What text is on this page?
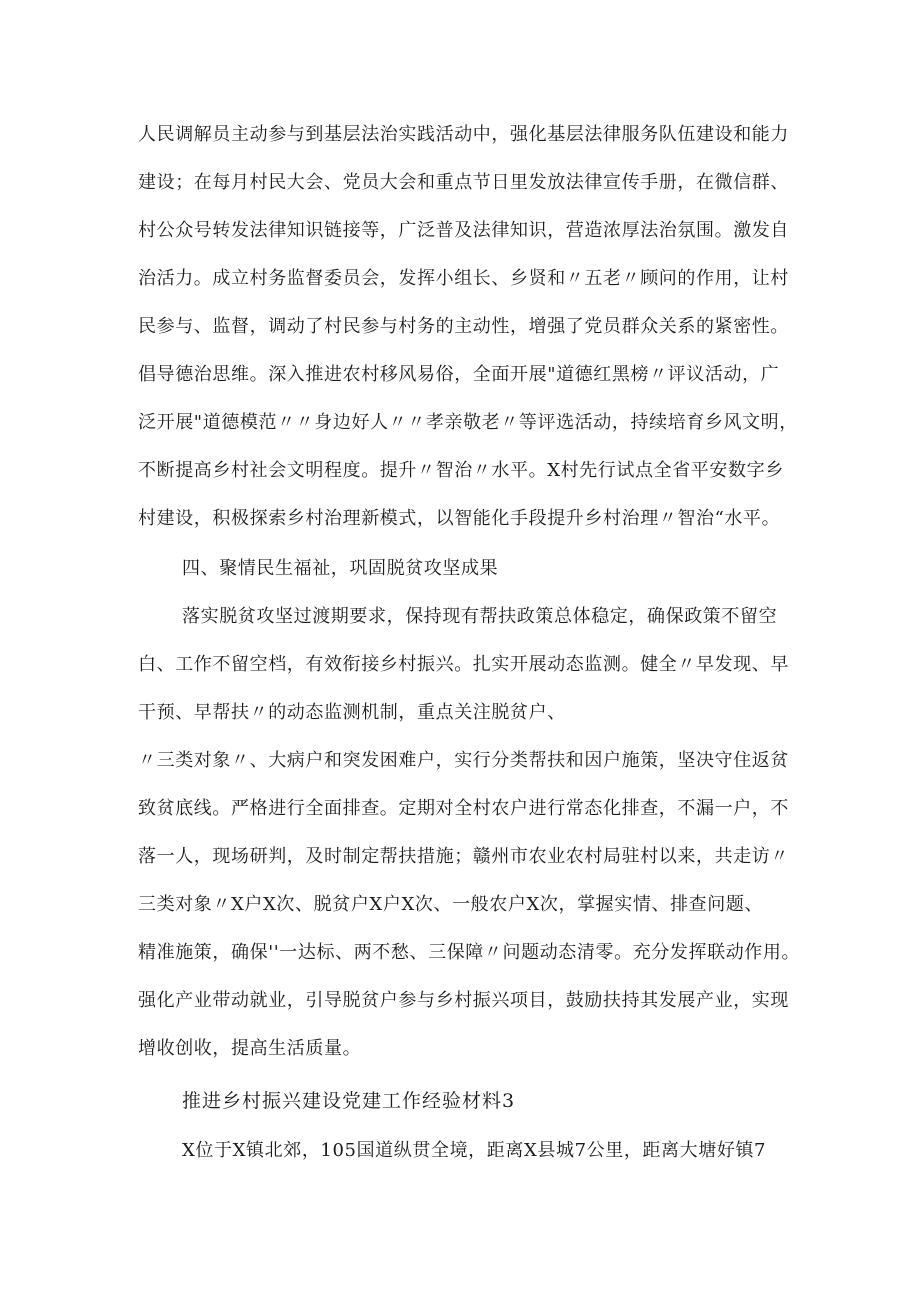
人民调解员主动参与到基层法治实践活动中，强化基层法律服务队伍建设和能力
建设；在每月村民大会、党员大会和重点节日里发放法律宣传手册，在微信群、
村公众号转发法律知识链接等，广泛普及法律知识，营造浓厚法治氛围。激发自
治活力。成立村务监督委员会，发挥小组长、乡贤和〃五老〃顾问的作用，让村
民参与、监督，调动了村民参与村务的主动性，增强了党员群众关系的紧密性。
倡导德治思维。深入推进农村移风易俗，全面开展"道德红黑榜〃评议活动，广
泛开展"道德模范〃〃身边好人〃〃孝亲敬老〃等评选活动，持续培育乡风文明，
不断提高乡村社会文明程度。提升〃智治〃水平。X村先行试点全省平安数字乡
村建设，积极探索乡村治理新模式，以智能化手段提升乡村治理〃智治“水平。
四、聚情民生福祉，巩固脱贫攻坚成果
落实脱贫攻坚过渡期要求，保持现有帮扶政策总体稳定，确保政策不留空
白、工作不留空档，有效衔接乡村振兴。扎实开展动态监测。健全〃早发现、早
干预、早帮扶〃的动态监测机制，重点关注脱贫户、
〃三类对象〃、大病户和突发困难户，实行分类帮扶和因户施策，坚决守住返贫
致贫底线。严格进行全面排查。定期对全村农户进行常态化排查，不漏一户，不
落一人，现场研判，及时制定帮扶措施；赣州市农业农村局驻村以来，共走访〃
三类对象〃X户X次、脱贫户X户X次、一般农户X次，掌握实情、排查问题、
精准施策，确保''一达标、两不愁、三保障〃问题动态清零。充分发挥联动作用。
强化产业带动就业，引导脱贫户参与乡村振兴项目，鼓励扶持其发展产业，实现
增收创收，提高生活质量。
推进乡村振兴建设党建工作经验材料3
X位于X镇北郊，105国道纵贯全境，距离X县城7公里，距离大塘好镇7
